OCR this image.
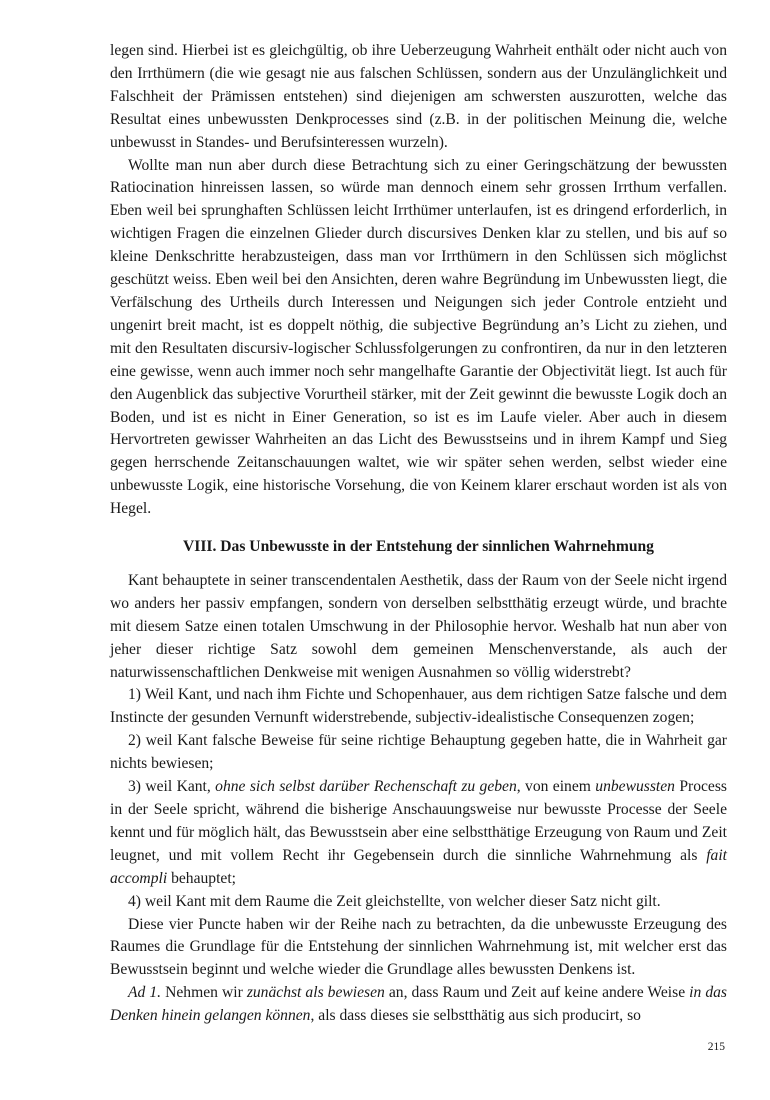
legen sind. Hierbei ist es gleichgültig, ob ihre Ueberzeugung Wahrheit enthält oder nicht auch von den Irrthümern (die wie gesagt nie aus falschen Schlüssen, sondern aus der Unzulänglichkeit und Falschheit der Prämissen entstehen) sind diejenigen am schwersten auszurotten, welche das Resultat eines unbewussten Denkprocesses sind (z.B. in der politischen Meinung die, welche unbewusst in Standes- und Berufsinteressen wurzeln).

Wollte man nun aber durch diese Betrachtung sich zu einer Geringschätzung der bewussten Ratiocination hinreissen lassen, so würde man dennoch einem sehr grossen Irrthum verfallen. Eben weil bei sprunghaften Schlüssen leicht Irrthümer unterlaufen, ist es dringend erforderlich, in wichtigen Fragen die einzelnen Glieder durch discursives Denken klar zu stellen, und bis auf so kleine Denkschritte herabzusteigen, dass man vor Irrthümern in den Schlüssen sich möglichst geschützt weiss. Eben weil bei den Ansichten, deren wahre Begründung im Unbewussten liegt, die Verfälschung des Urtheils durch Interessen und Neigungen sich jeder Controle entzieht und ungenirt breit macht, ist es doppelt nöthig, die subjective Begründung an’s Licht zu ziehen, und mit den Resultaten discursiv-logischer Schlussfolgerungen zu confrontiren, da nur in den letzteren eine gewisse, wenn auch immer noch sehr mangelhafte Garantie der Objectivität liegt. Ist auch für den Augenblick das subjective Vorurtheil stärker, mit der Zeit gewinnt die bewusste Logik doch an Boden, und ist es nicht in Einer Generation, so ist es im Laufe vieler. Aber auch in diesem Hervortreten gewisser Wahrheiten an das Licht des Bewusstseins und in ihrem Kampf und Sieg gegen herrschende Zeitanschauungen waltet, wie wir später sehen werden, selbst wieder eine unbewusste Logik, eine historische Vorsehung, die von Keinem klarer erschaut worden ist als von Hegel.

VIII. Das Unbewusste in der Entstehung der sinnlichen Wahrnehmung

Kant behauptete in seiner transcendentalen Aesthetik, dass der Raum von der Seele nicht irgend wo anders her passiv empfangen, sondern von derselben selbstthätig erzeugt würde, und brachte mit diesem Satze einen totalen Umschwung in der Philosophie hervor. Weshalb hat nun aber von jeher dieser richtige Satz sowohl dem gemeinen Menschenverstande, als auch der naturwissenschaftlichen Denkweise mit wenigen Ausnahmen so völlig widerstrebt?

1) Weil Kant, und nach ihm Fichte und Schopenhauer, aus dem richtigen Satze falsche und dem Instincte der gesunden Vernunft widerstrebende, subjectiv-idealistische Consequenzen zogen;

2) weil Kant falsche Beweise für seine richtige Behauptung gegeben hatte, die in Wahrheit gar nichts bewiesen;

3) weil Kant, ohne sich selbst darüber Rechenschaft zu geben, von einem unbewussten Process in der Seele spricht, während die bisherige Anschauungsweise nur bewusste Processe der Seele kennt und für möglich hält, das Bewusstsein aber eine selbstthätige Erzeugung von Raum und Zeit leugnet, und mit vollem Recht ihr Gegebensein durch die sinnliche Wahrnehmung als fait accompli behauptet;

4) weil Kant mit dem Raume die Zeit gleichstellte, von welcher dieser Satz nicht gilt.

Diese vier Puncte haben wir der Reihe nach zu betrachten, da die unbewusste Erzeugung des Raumes die Grundlage für die Entstehung der sinnlichen Wahrnehmung ist, mit welcher erst das Bewusstsein beginnt und welche wieder die Grundlage alles bewussten Denkens ist.

Ad 1. Nehmen wir zunächst als bewiesen an, dass Raum und Zeit auf keine andere Weise in das Denken hinein gelangen können, als dass dieses sie selbstthätig aus sich producirt, so

215
